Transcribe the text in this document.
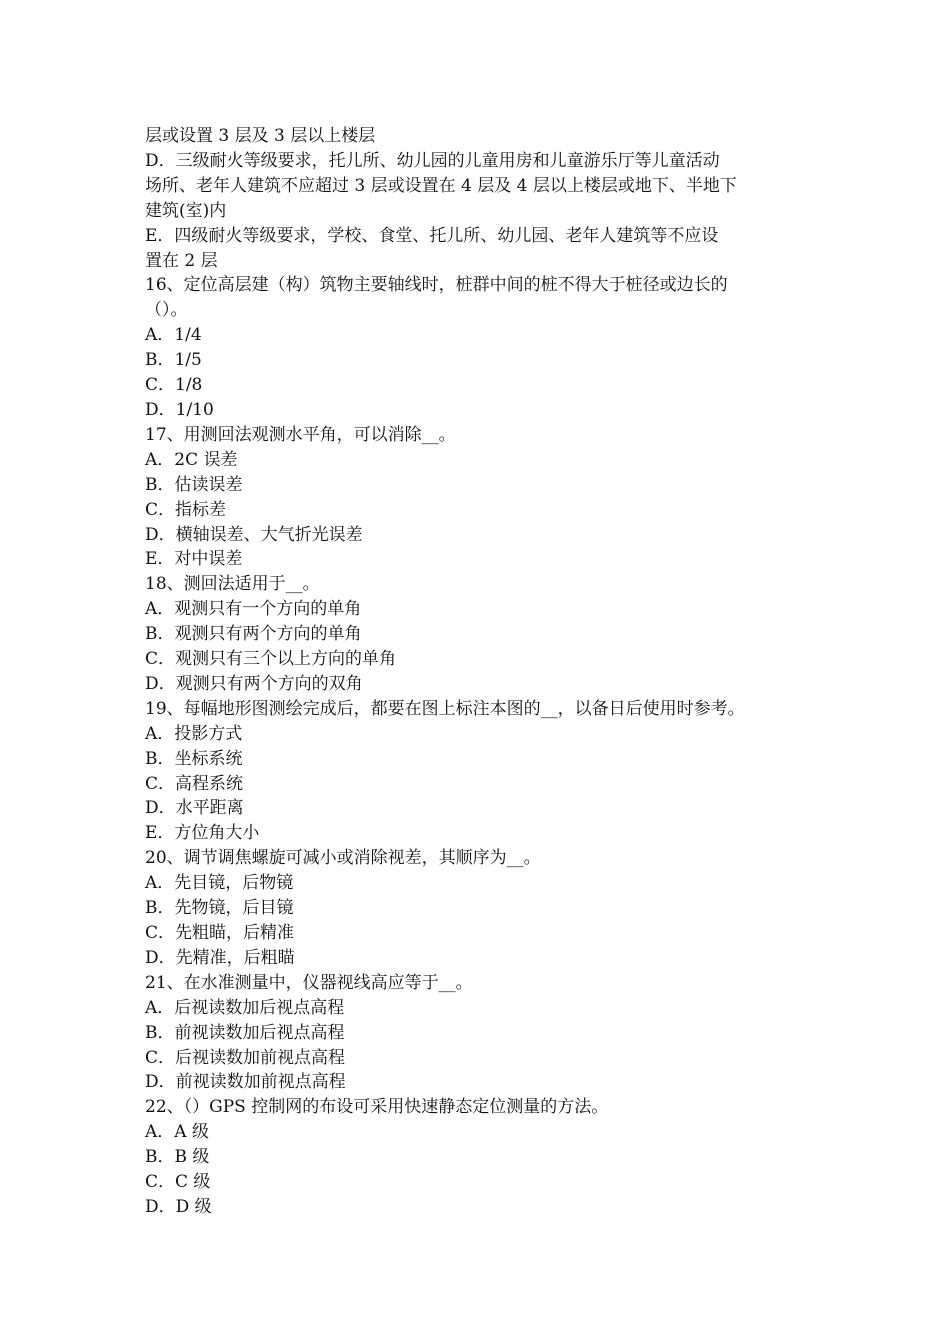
层或设置 3 层及 3 层以上楼层
D．三级耐火等级要求，托儿所、幼儿园的儿童用房和儿童游乐厅等儿童活动
场所、老年人建筑不应超过 3 层或设置在 4 层及 4 层以上楼层或地下、半地下
建筑(室)内
E．四级耐火等级要求，学校、食堂、托儿所、幼儿园、老年人建筑等不应设
置在 2 层
16、定位高层建（构）筑物主要轴线时，桩群中间的桩不得大于桩径或边长的
（）。
A．1/4
B．1/5
C．1/8
D．1/10
17、用测回法观测水平角，可以消除__。
A．2C 误差
B．估读误差
C．指标差
D．横轴误差、大气折光误差
E．对中误差
18、测回法适用于__。
A．观测只有一个方向的单角
B．观测只有两个方向的单角
C．观测只有三个以上方向的单角
D．观测只有两个方向的双角
19、每幅地形图测绘完成后，都要在图上标注本图的__，以备日后使用时参考。
A．投影方式
B．坐标系统
C．高程系统
D．水平距离
E．方位角大小
20、调节调焦螺旋可减小或消除视差，其顺序为__。
A．先目镜，后物镜
B．先物镜，后目镜
C．先粗瞄，后精准
D．先精准，后粗瞄
21、在水准测量中，仪器视线高应等于__。
A．后视读数加后视点高程
B．前视读数加后视点高程
C．后视读数加前视点高程
D．前视读数加前视点高程
22、（）GPS 控制网的布设可采用快速静态定位测量的方法。
A．A 级
B．B 级
C．C 级
D．D 级
